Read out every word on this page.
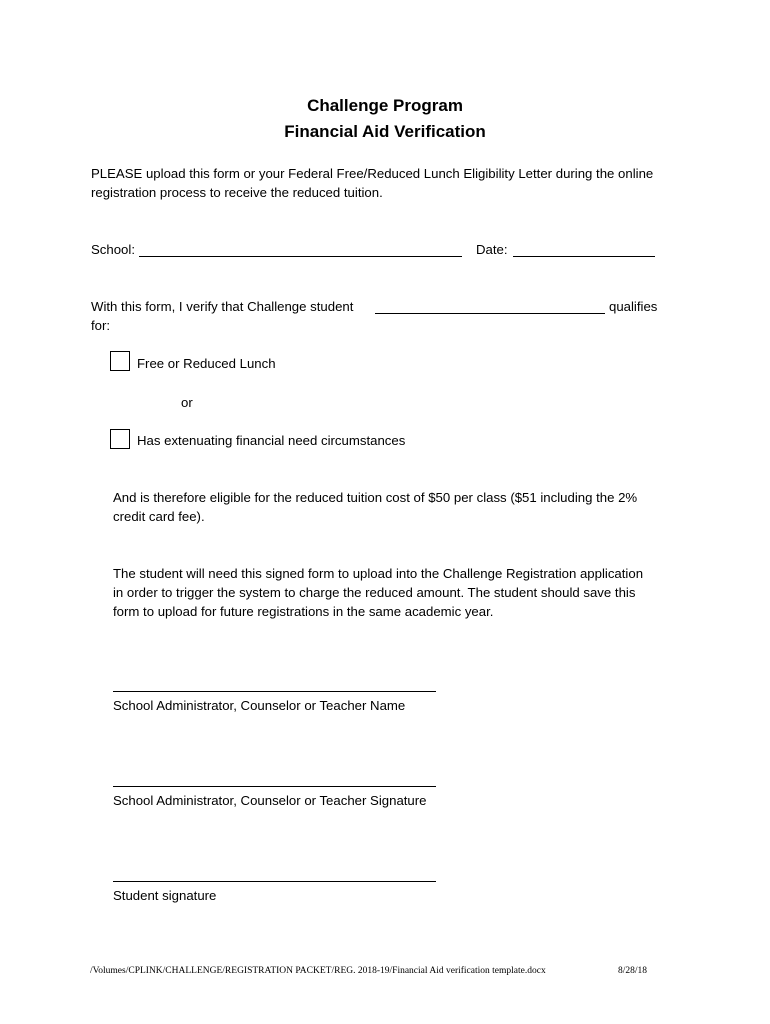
Challenge Program
Financial Aid Verification
PLEASE upload this form or your Federal Free/Reduced Lunch Eligibility Letter during the online
registration process to receive the reduced tuition.
School:	Date:
With this form, I verify that Challenge student	qualifies
for:
Free or Reduced Lunch
or
Has extenuating financial need circumstances
And is therefore eligible for the reduced tuition cost of $50 per class ($51 including the 2%
credit card fee).
The student will need this signed form to upload into the Challenge Registration application
in order to trigger the system to charge the reduced amount. The student should save this
form to upload for future registrations in the same academic year.
School Administrator, Counselor or Teacher Name
School Administrator, Counselor or Teacher Signature
Student signature
/Volumes/CPLINK/CHALLENGE/REGISTRATION PACKET/REG. 2018-19/Financial Aid verification template.docx	8/28/18
